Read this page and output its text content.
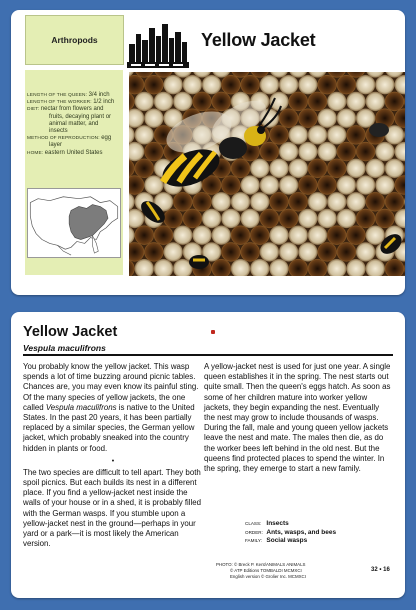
Arthropods	Yellow Jacket
LENGTH OF THE QUEEN: 3/4 inch
LENGTH OF THE WORKER: 1/2 inch
DIET: nectar from flowers and
fruits, decaying plant or
animal matter, and
insects
METHOD OF REPRODUCTION: egg
layer
HOME: eastern United States
Yellow Jacket
Vespula maculifrons

You probably know the yellow jacket. This wasp spends a lot of time buzzing around picnic tables. Chances are, you may even know its painful sting. Of the many species of yellow jackets, the one called Vespula maculifrons is native to the United States. In the past 20 years, it has been partially replaced by a similar species, the German yellow jacket, which probably sneaked into the country hidden in plants or food.

•

The two species are difficult to tell apart. They both spoil picnics. But each builds its nest in a different place. If you find a yellow-jacket nest inside the walls of your house or in a shed, it is probably filled with the German wasps. If you stumble upon a yellow-jacket nest in the ground—perhaps in your yard or a park—it is most likely the American version.

A yellow-jacket nest is used for just one year. A single queen establishes it in the spring. The nest starts out quite small. Then the queen's eggs hatch. As soon as some of her children mature into worker yellow jackets, they begin expanding the nest. Eventually the nest may grow to include thousands of wasps. During the fall, male and young queen yellow jackets leave the nest and mate. The males then die, as do the worker bees left behind in the old nest. But the queens find protected places to spend the winter. In the spring, they emerge to start a new family.

CLASS: Insects
ORDER: Ants, wasps, and bees
FAMILY: Social wasps
PHOTO: © Breck P. Kent/ANIMALS ANIMALS
© ATP Editions TOMBALDI MCMXCI
English version © Grolier Inc. MCMXCI
32 • 16
